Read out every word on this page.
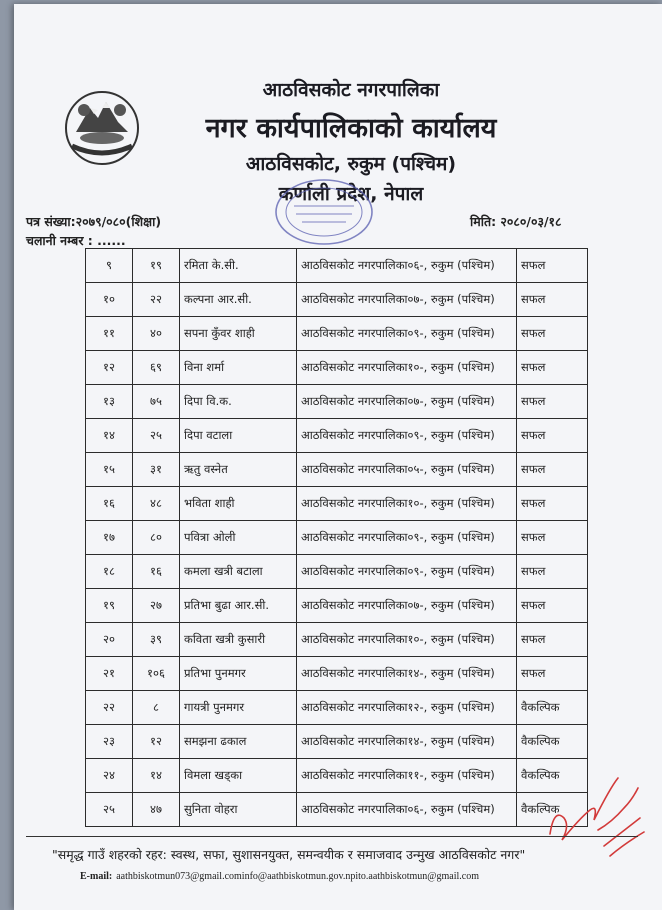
आठविसकोट नगरपालिका
नगर कार्यपालिकाको कार्यालय
आठविसकोट, रुकुम (पश्चिम)
कर्णाली प्रदेश, नेपाल
पत्र संख्या:२०७९/०८०(शिक्षा)	मिति: २०८०/०३/१८
चलानी नम्बर : ......
९	१९	रमिता के.सी.	आठविसकोट नगरपालिका०६-, रुकुम (पश्चिम)	सफल
१०	२२	कल्पना आर.सी.	आठविसकोट नगरपालिका०७-, रुकुम (पश्चिम)	सफल
११	४०	सपना कुँवर शाही	आठविसकोट नगरपालिका०९-, रुकुम (पश्चिम)	सफल
१२	६९	विना शर्मा	आठविसकोट नगरपालिका१०-, रुकुम (पश्चिम)	सफल
१३	७५	दिपा वि.क.	आठविसकोट नगरपालिका०७-, रुकुम (पश्चिम)	सफल
१४	२५	दिपा वटाला	आठविसकोट नगरपालिका०९-, रुकुम (पश्चिम)	सफल
१५	३१	ऋतु वस्नेत	आठविसकोट नगरपालिका०५-, रुकुम (पश्चिम)	सफल
१६	४८	भविता शाही	आठविसकोट नगरपालिका१०-, रुकुम (पश्चिम)	सफल
१७	८०	पवित्रा ओली	आठविसकोट नगरपालिका०९-, रुकुम (पश्चिम)	सफल
१८	१६	कमला खत्री बटाला	आठविसकोट नगरपालिका०९-, रुकुम (पश्चिम)	सफल
१९	२७	प्रतिभा बुढा आर.सी.	आठविसकोट नगरपालिका०७-, रुकुम (पश्चिम)	सफल
२०	३९	कविता खत्री कुसारी	आठविसकोट नगरपालिका१०-, रुकुम (पश्चिम)	सफल
२१	१०६	प्रतिभा पुनमगर	आठविसकोट नगरपालिका१४-, रुकुम (पश्चिम)	सफल
२२	८	गायत्री पुनमगर	आठविसकोट नगरपालिका१२-, रुकुम (पश्चिम)	वैकल्पिक
२३	१२	समझना ढकाल	आठविसकोट नगरपालिका१४-, रुकुम (पश्चिम)	वैकल्पिक
२४	१४	विमला खड्का	आठविसकोट नगरपालिका११-, रुकुम (पश्चिम)	वैकल्पिक
२५	४७	सुनिता वोहरा	आठविसकोट नगरपालिका०६-, रुकुम (पश्चिम)	वैकल्पिक
"समृद्ध गाउँ शहरको रहर: स्वस्थ, सफा, सुशासनयुक्त, समन्वयीक र समाजवाद उन्मुख आठविसकोट नगर"
E-mail: aathbiskotmun073@gmail.cominfo@aathbiskotmun.gov.npito.aathbiskotmun@gmail.com
